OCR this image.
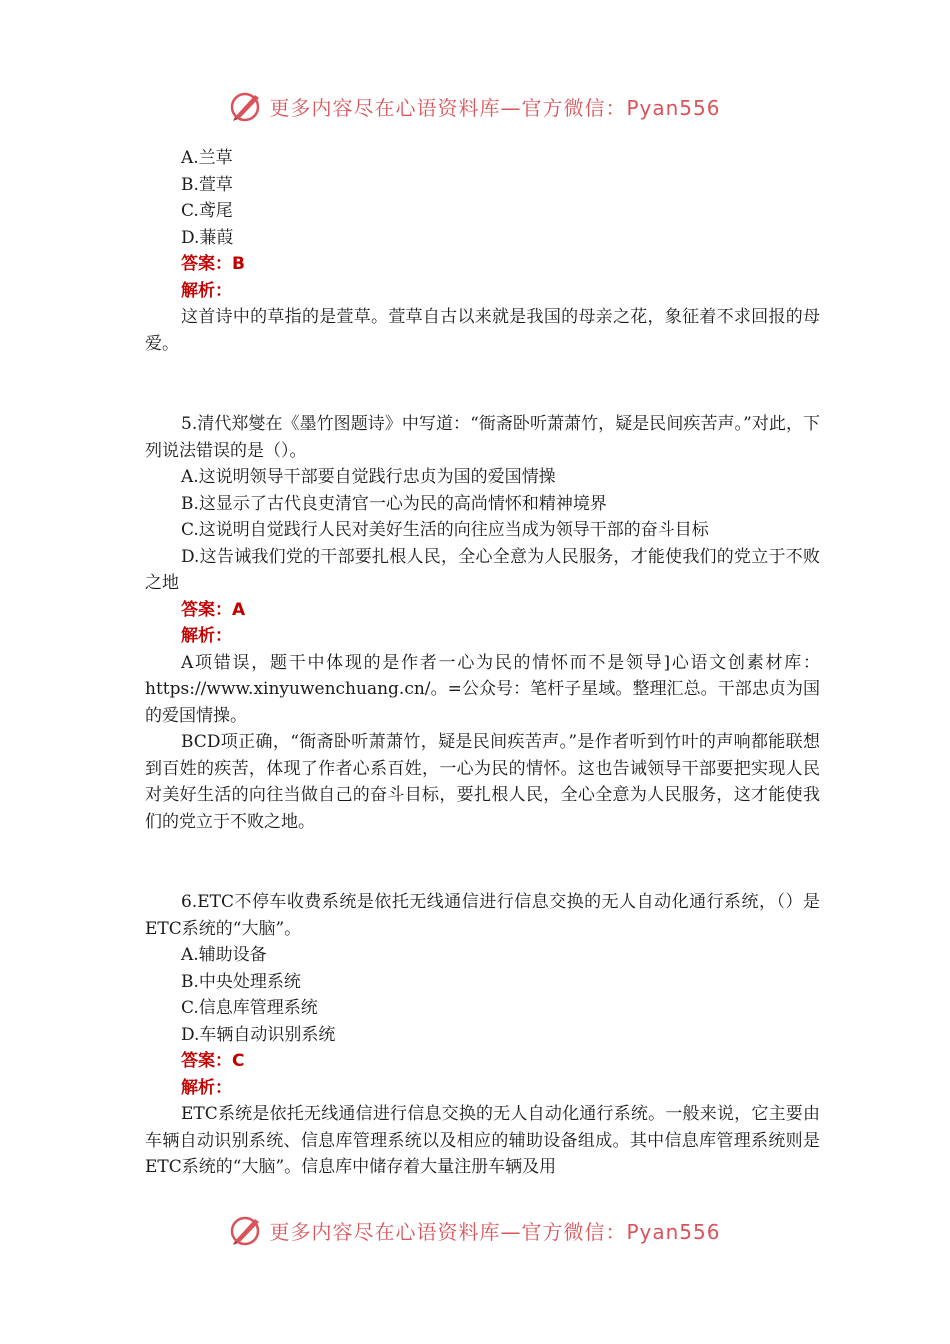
更多内容尽在心语资料库—官方微信：Pyan556
A.兰草
B.萱草
C.鸢尾
D.蒹葭
答案：B
解析：
这首诗中的草指的是萱草。萱草自古以来就是我国的母亲之花，象征着不求回报的母爱。
5.清代郑燮在《墨竹图题诗》中写道：“衙斋卧听萧萧竹，疑是民间疾苦声。”对此，下列说法错误的是（）。
A.这说明领导干部要自觉践行忠贞为国的爱国情操
B.这显示了古代良吏清官一心为民的高尚情怀和精神境界
C.这说明自觉践行人民对美好生活的向往应当成为领导干部的奋斗目标
D.这告诫我们党的干部要扎根人民，全心全意为人民服务，才能使我们的党立于不败之地
答案：A
解析：
A项错误，题干中体现的是作者一心为民的情怀而不是领导]心语文创素材库：https://www.xinyuwenchuang.cn/。=公众号：笔杆子星域。整理汇总。干部忠贞为国的爱国情操。
BCD项正确，“衙斋卧听萧萧竹，疑是民间疾苦声。”是作者听到竹叶的声响都能联想到百姓的疾苦，体现了作者心系百姓，一心为民的情怀。这也告诫领导干部要把实现人民对美好生活的向往当做自己的奋斗目标，要扎根人民，全心全意为人民服务，这才能使我们的党立于不败之地。
6.ETC不停车收费系统是依托无线通信进行信息交换的无人自动化通行系统，（）是ETC系统的“大脑”。
A.辅助设备
B.中央处理系统
C.信息库管理系统
D.车辆自动识别系统
答案：C
解析：
ETC系统是依托无线通信进行信息交换的无人自动化通行系统。一般来说，它主要由车辆自动识别系统、信息库管理系统以及相应的辅助设备组成。其中信息库管理系统则是ETC系统的“大脑”。信息库中储存着大量注册车辆及用
更多内容尽在心语资料库—官方微信：Pyan556
